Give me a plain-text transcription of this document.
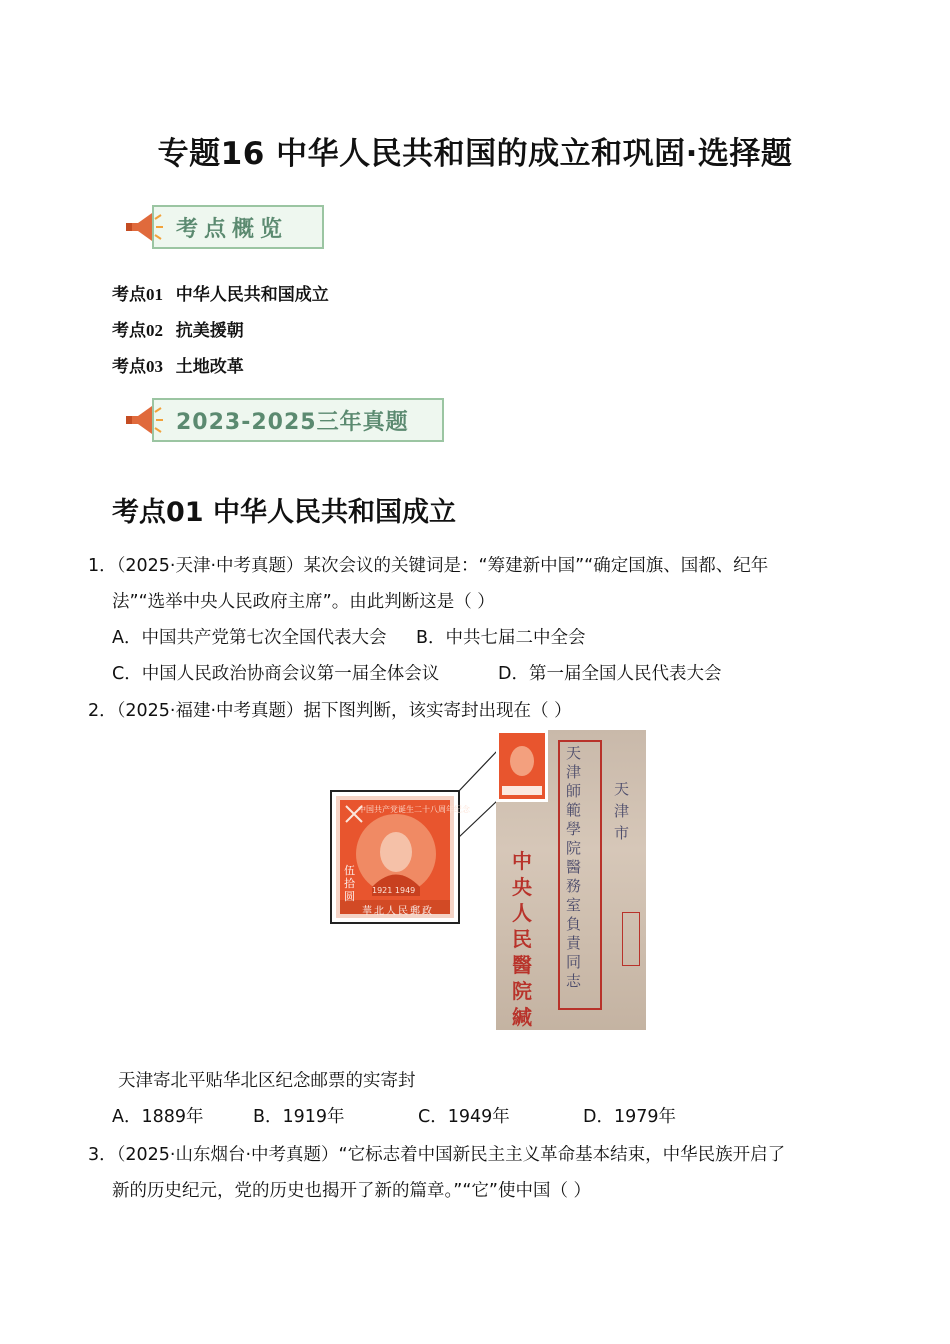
专题16 中华人民共和国的成立和巩固·选择题
考点概览
考点01 中华人民共和国成立
考点02 抗美援朝
考点03 土地改革
2023-2025三年真题
考点01 中华人民共和国成立
1．（2025·天津·中考真题）某次会议的关键词是：“筹建新中国”“确定国旗、国都、纪年
法”“选举中央人民政府主席”。由此判断这是（ ）
A．中国共产党第七次全国代表大会 B．中共七届二中全会
C．中国人民政治协商会议第一届全体会议	D．第一届全国人民代表大会
2．（2025·福建·中考真题）据下图判断，该实寄封出现在（ ）
中国共产党诞生二十八周年纪念
伍拾圆	1921 1949
華北人民郵政
天津師範學院醫務室負責同志
天津市
中央人民醫院緘
天津寄北平贴华北区纪念邮票的实寄封
A．1889年	B．1919年	C．1949年	D．1979年
3．（2025·山东烟台·中考真题）“它标志着中国新民主主义革命基本结束，中华民族开启了
新的历史纪元，党的历史也揭开了新的篇章。”“它”使中国（ ）
